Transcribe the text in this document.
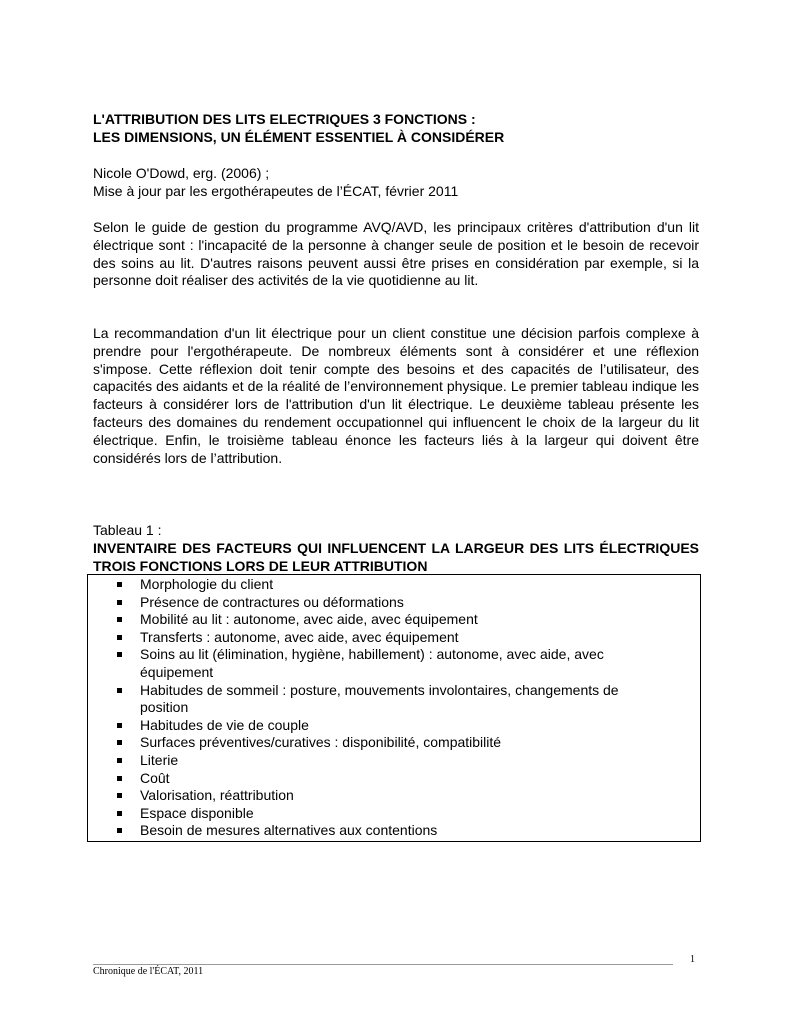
L'ATTRIBUTION DES LITS ELECTRIQUES 3 FONCTIONS :
LES DIMENSIONS, UN ÉLÉMENT ESSENTIEL À CONSIDÉRER
Nicole O'Dowd, erg. (2006) ;
Mise à jour par les ergothérapeutes de l’ÉCAT, février 2011

Selon le guide de gestion du programme AVQ/AVD, les principaux critères d'attribution d'un lit électrique sont : l'incapacité de la personne à changer seule de position et le besoin de recevoir des soins au lit. D'autres raisons peuvent aussi être prises en considération par exemple, si la personne doit réaliser des activités de la vie quotidienne au lit.

La recommandation d'un lit électrique pour un client constitue une décision parfois complexe à prendre pour l'ergothérapeute. De nombreux éléments sont à considérer et une réflexion s'impose. Cette réflexion doit tenir compte des besoins et des capacités de l’utilisateur, des capacités des aidants et de la réalité de l’environnement physique. Le premier tableau indique les facteurs à considérer lors de l'attribution d'un lit électrique. Le deuxième tableau présente les facteurs des domaines du rendement occupationnel qui influencent le choix de la largeur du lit électrique. Enfin, le troisième tableau énonce les facteurs liés à la largeur qui doivent être considérés lors de l’attribution.

Tableau 1 :
INVENTAIRE DES FACTEURS QUI INFLUENCENT LA LARGEUR DES LITS ÉLECTRIQUES TROIS FONCTIONS LORS DE LEUR ATTRIBUTION
Morphologie du client
Présence de contractures ou déformations
Mobilité au lit : autonome, avec aide, avec équipement
Transferts : autonome, avec aide, avec équipement
Soins au lit (élimination, hygiène, habillement) : autonome, avec aide, avec équipement
Habitudes de sommeil : posture, mouvements involontaires, changements de position
Habitudes de vie de couple
Surfaces préventives/curatives : disponibilité, compatibilité
Literie
Coût
Valorisation, réattribution
Espace disponible
Besoin de mesures alternatives aux contentions
1
Chronique de l'ÉCAT, 2011
